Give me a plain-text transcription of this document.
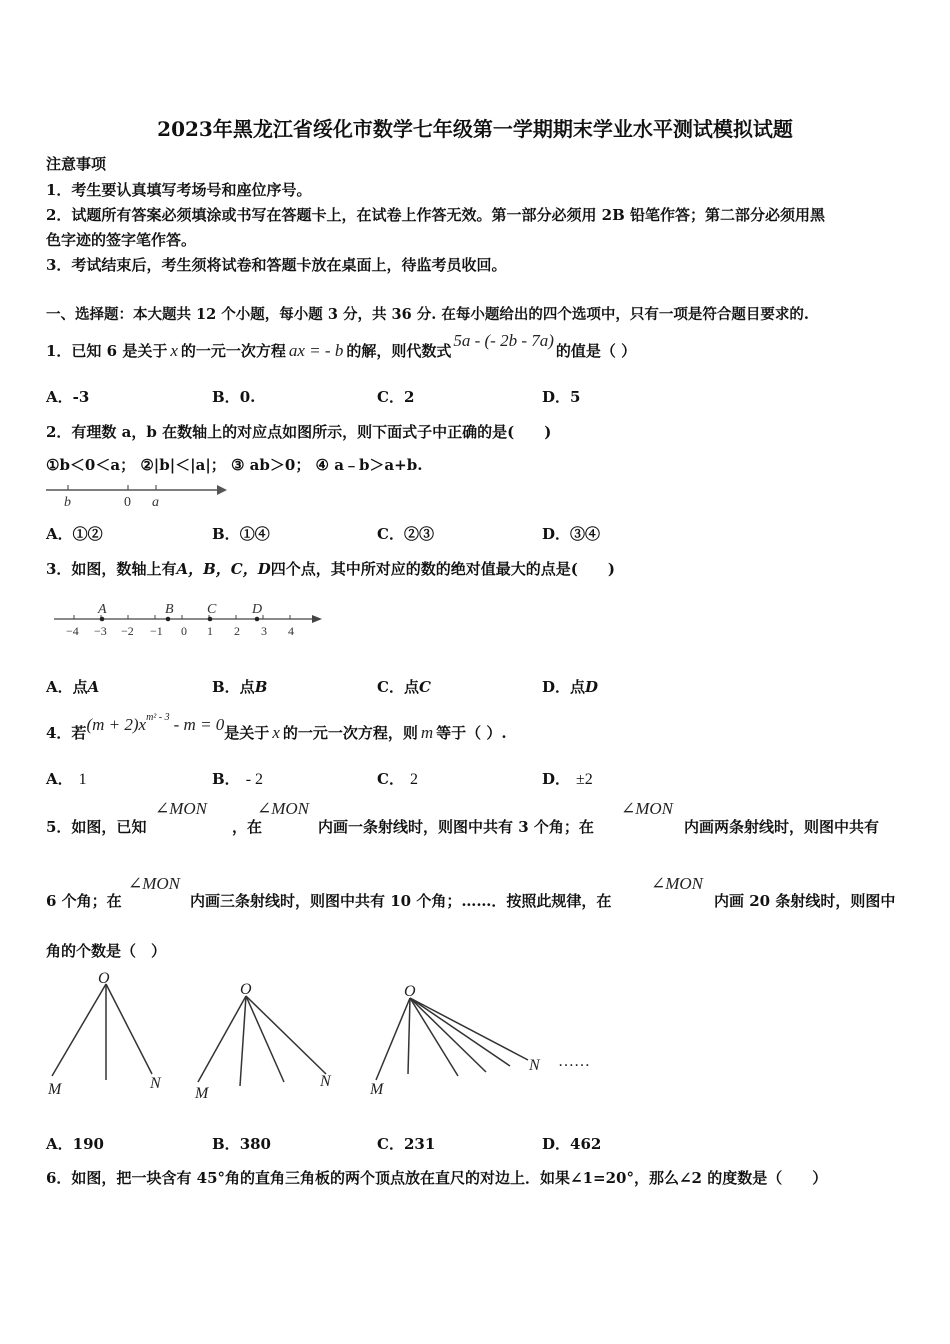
2023年黑龙江省绥化市数学七年级第一学期期末学业水平测试模拟试题
注意事项
1．考生要认真填写考场号和座位序号。
2．试题所有答案必须填涂或书写在答题卡上，在试卷上作答无效。第一部分必须用 2B 铅笔作答；第二部分必须用黑
色字迹的签字笔作答。
3．考试结束后，考生须将试卷和答题卡放在桌面上，待监考员收回。
一、选择题：本大题共 12 个小题，每小题 3 分，共 36 分. 在每小题给出的四个选项中，只有一项是符合题目要求的.
1．已知 6 是关于 x 的一元一次方程 ax = - b 的解，则代数式5a - (- 2b - 7a)的值是（ ）
A．-3	B．0.	C．2	D．5
2．有理数 a，b 在数轴上的对应点如图所示，则下面式子中正确的是(　　)
①b＜0＜a； ②|b|＜|a|； ③ ab＞0； ④ a﹣b＞a+b.
b	0 a
A．①②	B．①④	C．②③	D．③④
3．如图，数轴上有A，B，C，D四个点，其中所对应的数的绝对值最大的点是(　　)
A	B C	D
−4 −3 −2 −1 0 1 2 3 4
A．点A	B．点B	C．点C	D．点D
4．若$(m + 2)x^{m^2 - 3} - m = 0$是关于 x 的一元一次方程，则 m 等于（ ）.
A． 1	B． - 2	C． 2	D． ±2
5．如图，已知
∠MON
，在
∠MON
内画一条射线时，则图中共有 3 个角；在
∠MON
内画两条射线时，则图中共有
6 个角；在
∠MON
内画三条射线时，则图中共有 10 个角；……．按照此规律，在
∠MON
内画 20 条射线时，则图中
角的个数是（　）
O
M	N
O
M
N
O
M
N ……
A．190	B．380	C．231	D．462
6．如图，把一块含有 45°角的直角三角板的两个顶点放在直尺的对边上．如果∠1=20°，那么∠2 的度数是（　　）
